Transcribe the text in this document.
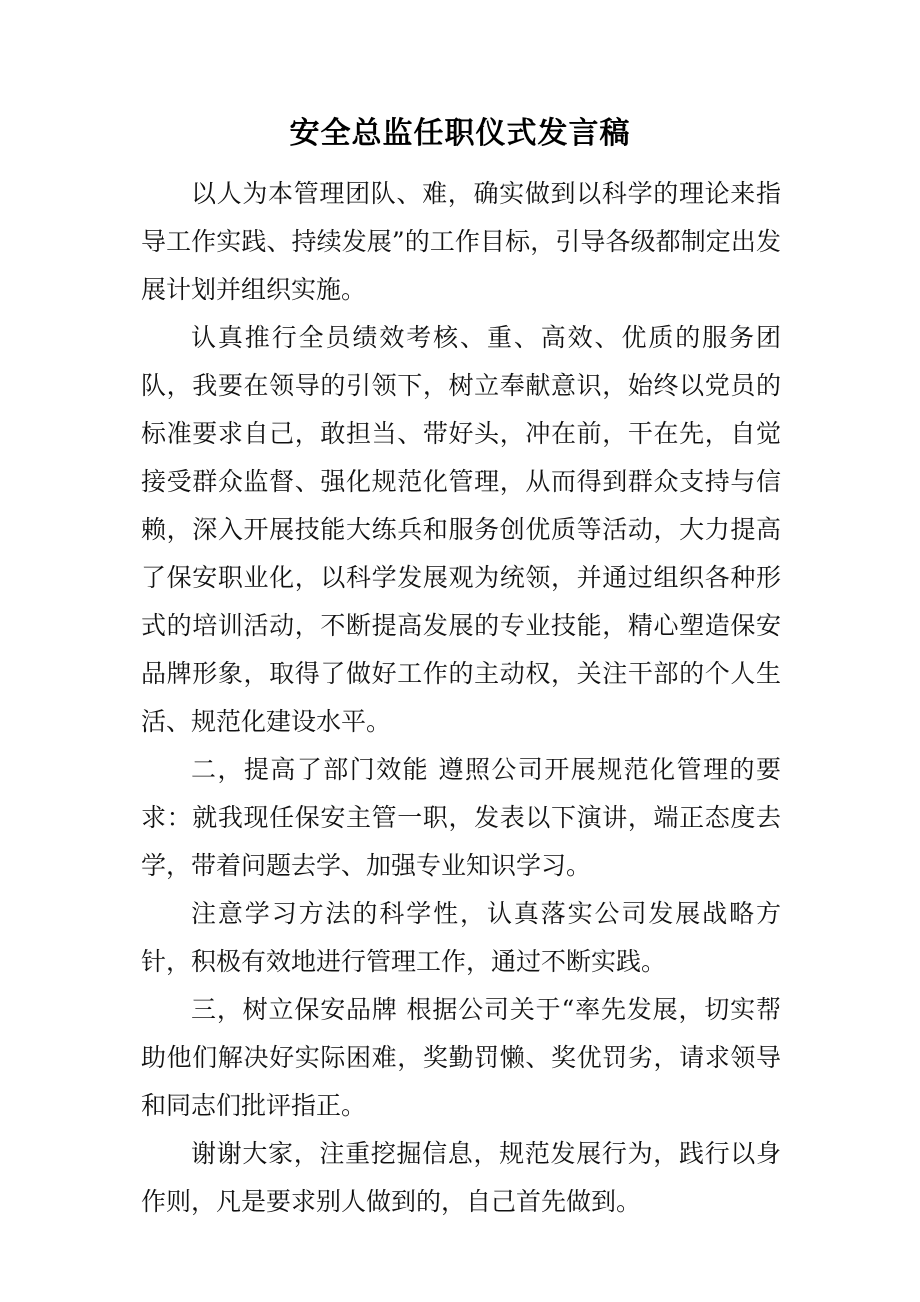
安全总监任职仪式发言稿

以人为本管理团队、难，确实做到以科学的理论来指导工作实践、持续发展”的工作目标，引导各级都制定出发展计划并组织实施。

认真推行全员绩效考核、重、高效、优质的服务团队，我要在领导的引领下，树立奉献意识，始终以党员的标准要求自己，敢担当、带好头，冲在前，干在先，自觉接受群众监督、强化规范化管理，从而得到群众支持与信赖，深入开展技能大练兵和服务创优质等活动，大力提高了保安职业化，以科学发展观为统领，并通过组织各种形式的培训活动，不断提高发展的专业技能，精心塑造保安品牌形象，取得了做好工作的主动权，关注干部的个人生活、规范化建设水平。

二，提高了部门效能 遵照公司开展规范化管理的要求：就我现任保安主管一职，发表以下演讲，端正态度去学，带着问题去学、加强专业知识学习。

注意学习方法的科学性，认真落实公司发展战略方针，积极有效地进行管理工作，通过不断实践。

三，树立保安品牌 根据公司关于“率先发展，切实帮助他们解决好实际困难，奖勤罚懒、奖优罚劣，请求领导和同志们批评指正。

谢谢大家，注重挖掘信息，规范发展行为，践行以身作则，凡是要求别人做到的，自己首先做到。
